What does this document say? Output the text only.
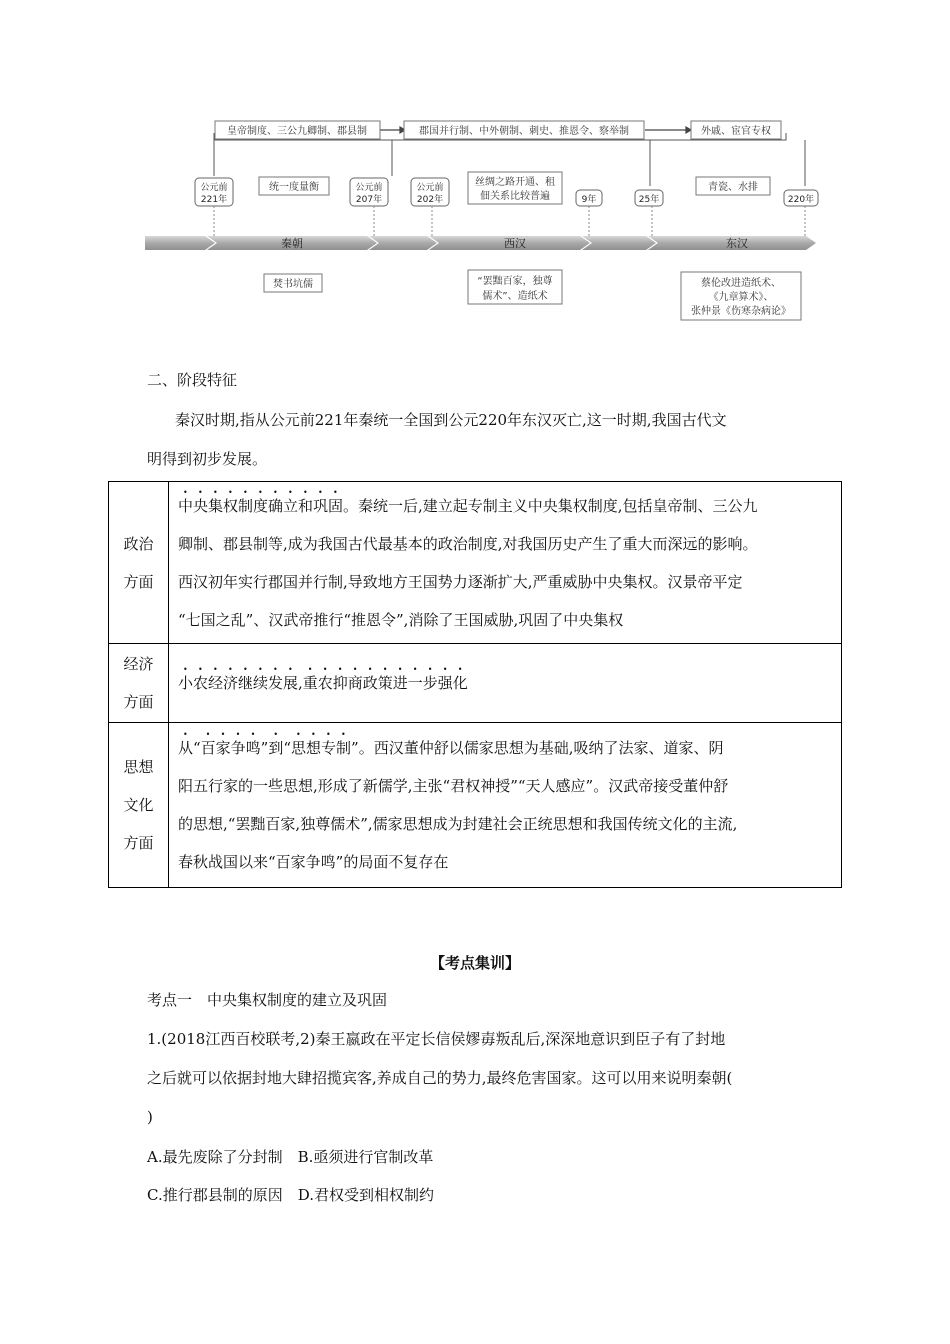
皇帝制度、三公九卿制、郡县制	郡国并行制、中外朝制、刺史、推恩令、察举制	外戚、宦官专权
秦朝	西汉	东汉
公元前
221年
公元前
207年
公元前
202年	9年	25年	220年
统一度量衡	丝绸之路开通、租
佃关系比较普遍
青瓷、水排
焚书坑儒	“罢黜百家，独尊
儒术”、造纸术
蔡伦改进造纸术、
《九章算术》、
张仲景《伤寒杂病论》
二、阶段特征
秦汉时期,指从公元前221年秦统一全国到公元220年东汉灭亡,这一时期,我国古代文
明得到初步发展。
政治
方面	中央集权制度确立和巩固。秦统一后,建立起专制主义中央集权制度,包括皇帝制、三公九
卿制、郡县制等,成为我国古代最基本的政治制度,对我国历史产生了重大而深远的影响。
西汉初年实行郡国并行制,导致地方王国势力逐渐扩大,严重威胁中央集权。汉景帝平定
“七国之乱”、汉武帝推行“推恩令”,消除了王国威胁,巩固了中央集权

经济
方面	小农经济继续发展,重农抑商政策进一步强化

思想
文化
方面	从“百家争鸣”到“思想专制”。西汉董仲舒以儒家思想为基础,吸纳了法家、道家、阴
阳五行家的一些思想,形成了新儒学,主张“君权神授”“天人感应”。汉武帝接受董仲舒
的思想,“罢黜百家,独尊儒术”,儒家思想成为封建社会正统思想和我国传统文化的主流,
春秋战国以来“百家争鸣”的局面不复存在
【考点集训】
考点一　中央集权制度的建立及巩固
1.(2018江西百校联考,2)秦王嬴政在平定长信侯嫪毐叛乱后,深深地意识到臣子有了封地
之后就可以依据封地大肆招揽宾客,养成自己的势力,最终危害国家。这可以用来说明秦朝(
)
A.最先废除了分封制　B.亟须进行官制改革
C.推行郡县制的原因　D.君权受到相权制约
